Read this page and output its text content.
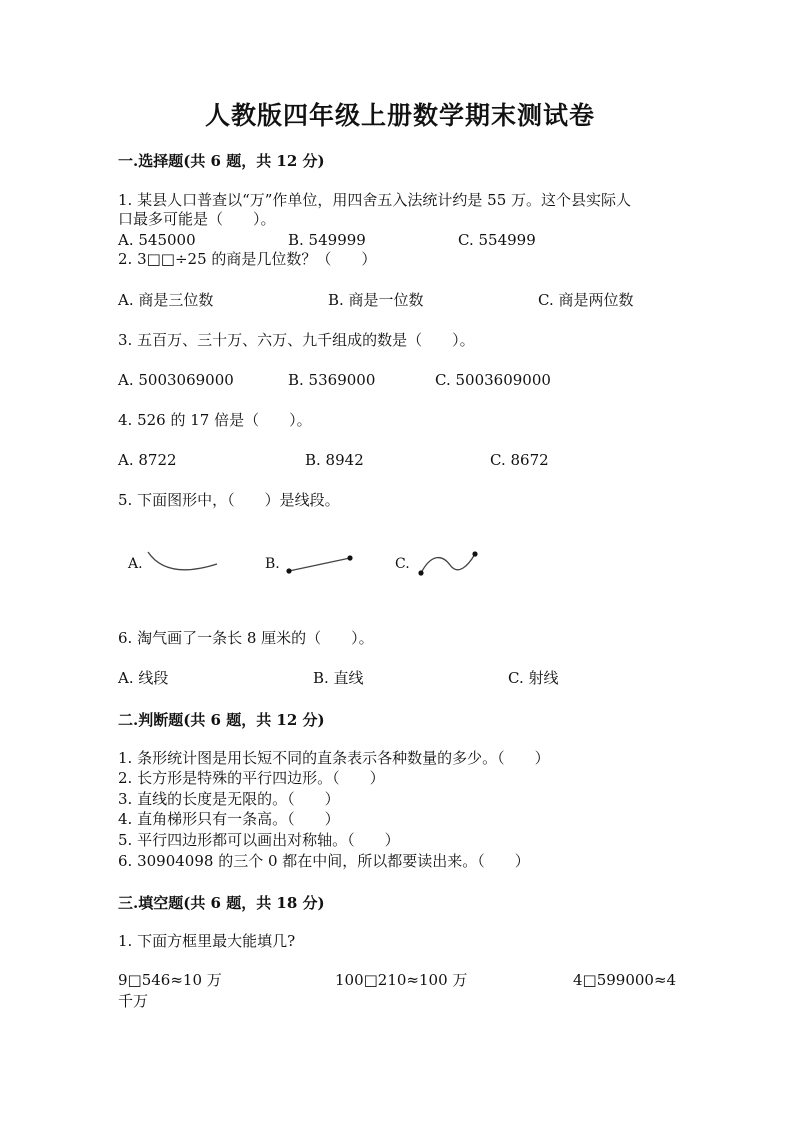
人教版四年级上册数学期末测试卷
一.选择题(共 6 题，共 12 分)
1. 某县人口普查以“万”作单位，用四舍五入法统计约是 55 万。这个县实际人
口最多可能是（　　）。
A. 545000	B. 549999	C. 554999
2. 3□□÷25 的商是几位数？（　　）
A. 商是三位数	B. 商是一位数	C. 商是两位数
3. 五百万、三十万、六万、九千组成的数是（　　）。
A. 5003069000	B. 5369000	C. 5003609000
4. 526 的 17 倍是（　　）。
A. 8722	B. 8942	C. 8672
5. 下面图形中，（　　）是线段。
A.	B.	C.
6. 淘气画了一条长 8 厘米的（　　）。
A. 线段	B. 直线	C. 射线
二.判断题(共 6 题，共 12 分)
1. 条形统计图是用长短不同的直条表示各种数量的多少。（　　）
2. 长方形是特殊的平行四边形。（　　）
3. 直线的长度是无限的。（　　）
4. 直角梯形只有一条高。（　　）
5. 平行四边形都可以画出对称轴。（　　）
6. 30904098 的三个 0 都在中间，所以都要读出来。（　　）
三.填空题(共 6 题，共 18 分)
1. 下面方框里最大能填几?
9□546≈10 万	100□210≈100 万	4□599000≈4
千万
